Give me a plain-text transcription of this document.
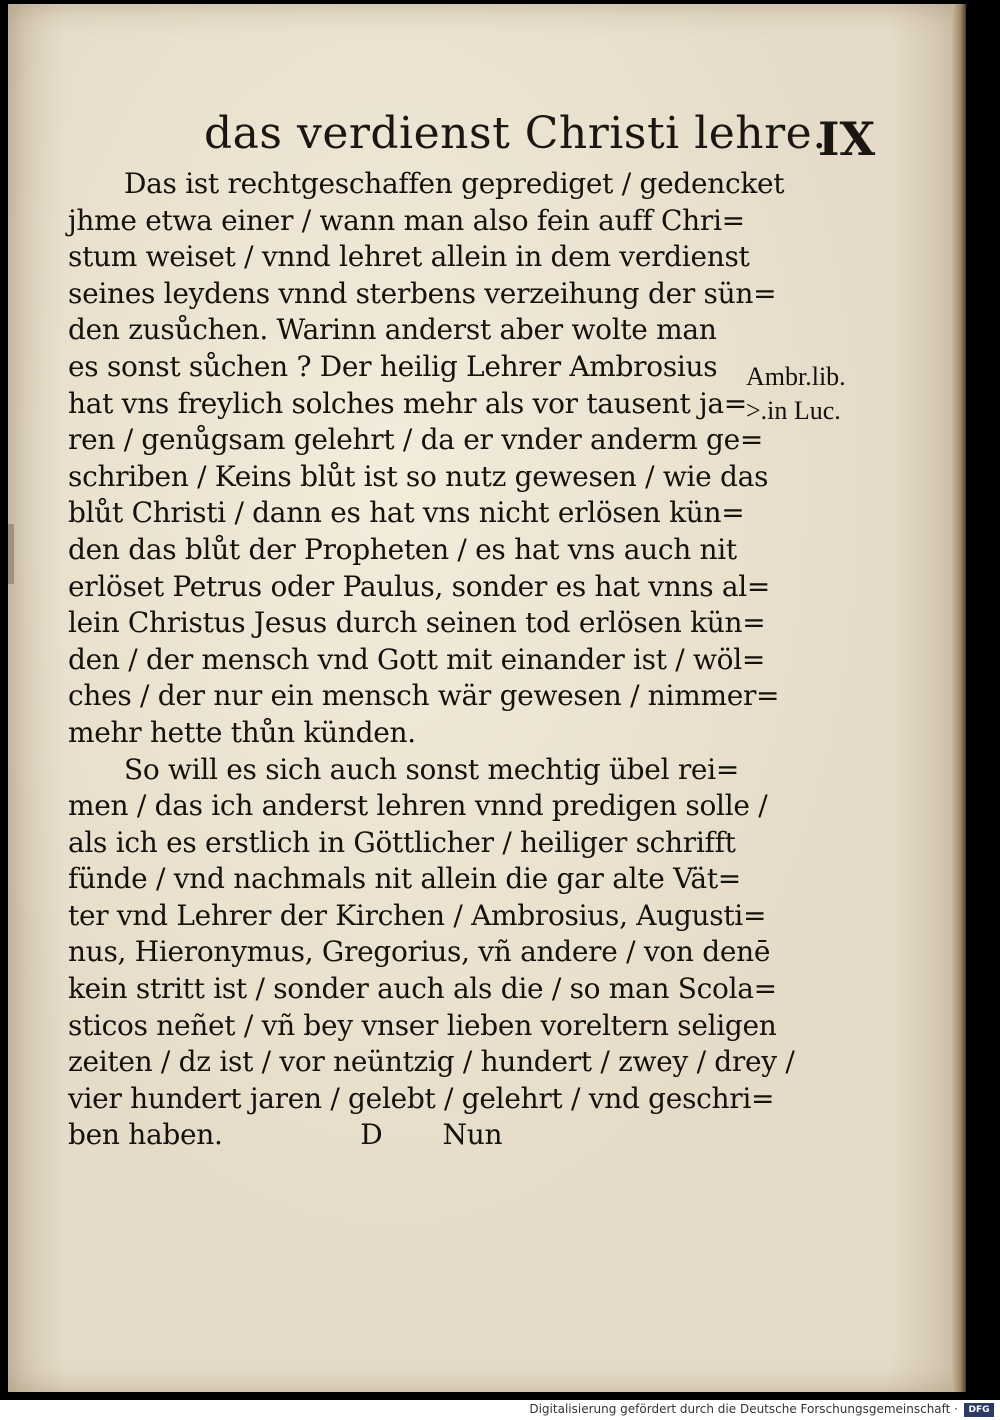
das verdienst Christi lehre.
IX
Das ist rechtgeschaffen geprediget / gedencket
jhme etwa einer / wann man also fein auff Chri=
stum weiset / vnnd lehret allein in dem verdienst
seines leydens vnnd sterbens verzeihung der sün=
den zusůchen. Warinn anderst aber wolte man
es sonst sůchen ? Der heilig Lehrer Ambrosius
hat vns freylich solches mehr als vor tausent ja=
ren / genůgsam gelehrt / da er vnder anderm ge=
schriben / Keins blůt ist so nutz gewesen / wie das
blůt Christi / dann es hat vns nicht erlösen kün=
den das blůt der Propheten / es hat vns auch nit
erlöset Petrus oder Paulus, sonder es hat vnns al=
lein Christus Jesus durch seinen tod erlösen kün=
den / der mensch vnd Gott mit einander ist / wöl=
ches / der nur ein mensch wär gewesen / nimmer=
mehr hette thůn künden.
So will es sich auch sonst mechtig übel rei=
men / das ich anderst lehren vnnd predigen solle /
als ich es erstlich in Göttlicher / heiliger schrifft
fünde / vnd nachmals nit allein die gar alte Vät=
ter vnd Lehrer der Kirchen / Ambrosius, Augusti=
nus, Hieronymus, Gregorius, vñ andere / von denē
kein stritt ist / sonder auch als die / so man Scola=
sticos neñet / vñ bey vnser lieben voreltern seligen
zeiten / dz ist / vor neüntzig / hundert / zwey / drey /
vier hundert jaren / gelebt / gelehrt / vnd geschri=
ben haben.                D       Nun
Ambr.lib.
>.in Luc.
Digitalisierung gefördert durch die Deutsche Forschungsgemeinschaft ·	DFG
